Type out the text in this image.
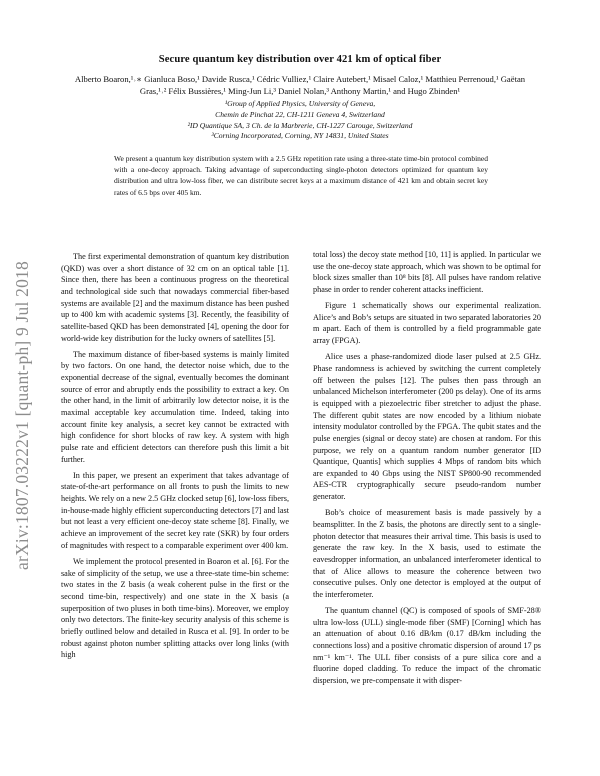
arXiv:1807.03222v1 [quant-ph] 9 Jul 2018
Secure quantum key distribution over 421 km of optical fiber
Alberto Boaron,¹˒∗ Gianluca Boso,¹ Davide Rusca,¹ Cédric Vulliez,¹ Claire Autebert,¹ Misael Caloz,¹ Matthieu Perrenoud,¹ Gaëtan Gras,¹˒² Félix Bussières,¹ Ming-Jun Li,³ Daniel Nolan,³ Anthony Martin,¹ and Hugo Zbinden¹
¹Group of Applied Physics, University of Geneva,
Chemin de Pinchat 22, CH-1211 Geneva 4, Switzerland
²ID Quantique SA, 3 Ch. de la Marbrerie, CH-1227 Carouge, Switzerland
³Corning Incorporated, Corning, NY 14831, United States
We present a quantum key distribution system with a 2.5 GHz repetition rate using a three-state time-bin protocol combined with a one-decoy approach. Taking advantage of superconducting single-photon detectors optimized for quantum key distribution and ultra low-loss fiber, we can distribute secret keys at a maximum distance of 421 km and obtain secret key rates of 6.5 bps over 405 km.

The first experimental demonstration of quantum key distribution (QKD) was over a short distance of 32 cm on an optical table [1]. Since then, there has been a continuous progress on the theoretical and technological side such that nowadays commercial fiber-based systems are available [2] and the maximum distance has been pushed up to 400 km with academic systems [3]. Recently, the feasibility of satellite-based QKD has been demonstrated [4], opening the door for world-wide key distribution for the lucky owners of satellites [5].

The maximum distance of fiber-based systems is mainly limited by two factors. On one hand, the detector noise which, due to the exponential decrease of the signal, eventually becomes the dominant source of error and abruptly ends the possibility to extract a key. On the other hand, in the limit of arbitrarily low detector noise, it is the maximal acceptable key accumulation time. Indeed, taking into account finite key analysis, a secret key cannot be extracted with high confidence for short blocks of raw key. A system with high pulse rate and efficient detectors can therefore push this limit a bit further.

In this paper, we present an experiment that takes advantage of state-of-the-art performance on all fronts to push the limits to new heights. We rely on a new 2.5 GHz clocked setup [6], low-loss fibers, in-house-made highly efficient superconducting detectors [7] and last but not least a very efficient one-decoy state scheme [8]. Finally, we achieve an improvement of the secret key rate (SKR) by four orders of magnitudes with respect to a comparable experiment over 400 km.

We implement the protocol presented in Boaron et al. [6]. For the sake of simplicity of the setup, we use a three-state time-bin scheme: two states in the Z basis (a weak coherent pulse in the first or the second time-bin, respectively) and one state in the X basis (a superposition of two pluses in both time-bins). Moreover, we employ only two detectors. The finite-key security analysis of this scheme is briefly outlined below and detailed in Rusca et al. [9]. In order to be robust against photon number splitting attacks over long links (with high

total loss) the decoy state method [10, 11] is applied. In particular we use the one-decoy state approach, which was shown to be optimal for block sizes smaller than 10⁸ bits [8]. All pulses have random relative phase in order to render coherent attacks inefficient.

Figure 1 schematically shows our experimental realization. Alice’s and Bob’s setups are situated in two separated laboratories 20 m apart. Each of them is controlled by a field programmable gate array (FPGA).

Alice uses a phase-randomized diode laser pulsed at 2.5 GHz. Phase randomness is achieved by switching the current completely off between the pulses [12]. The pulses then pass through an unbalanced Michelson interferometer (200 ps delay). One of its arms is equipped with a piezoelectric fiber stretcher to adjust the phase. The different qubit states are now encoded by a lithium niobate intensity modulator controlled by the FPGA. The qubit states and the pulse energies (signal or decoy state) are chosen at random. For this purpose, we rely on a quantum random number generator [ID Quantique, Quantis] which supplies 4 Mbps of random bits which are expanded to 40 Gbps using the NIST SP800-90 recommended AES-CTR cryptographically secure pseudo-random number generator.

Bob’s choice of measurement basis is made passively by a beamsplitter. In the Z basis, the photons are directly sent to a single-photon detector that measures their arrival time. This basis is used to generate the raw key. In the X basis, used to estimate the eavesdropper information, an unbalanced interferometer identical to that of Alice allows to measure the coherence between two consecutive pulses. Only one detector is employed at the output of the interferometer.

The quantum channel (QC) is composed of spools of SMF-28® ultra low-loss (ULL) single-mode fiber (SMF) [Corning] which has an attenuation of about 0.16 dB/km (0.17 dB/km including the connections loss) and a positive chromatic dispersion of around 17 ps nm⁻¹ km⁻¹. The ULL fiber consists of a pure silica core and a fluorine doped cladding. To reduce the impact of the chromatic dispersion, we pre-compensate it with disper-
